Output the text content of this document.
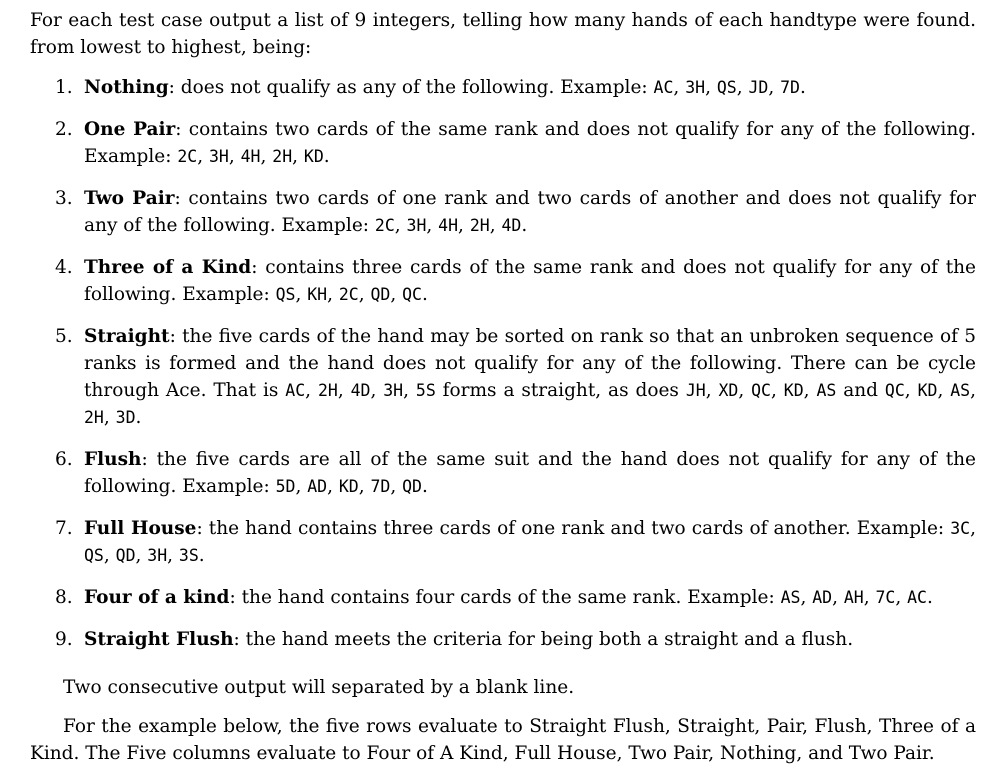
For each test case output a list of 9 integers, telling how many hands of each handtype were found. from lowest to highest, being:

1. Nothing: does not qualify as any of the following. Example: AC, 3H, QS, JD, 7D.
2. One Pair: contains two cards of the same rank and does not qualify for any of the following. Example: 2C, 3H, 4H, 2H, KD.
3. Two Pair: contains two cards of one rank and two cards of another and does not qualify for any of the following. Example: 2C, 3H, 4H, 2H, 4D.
4. Three of a Kind: contains three cards of the same rank and does not qualify for any of the following. Example: QS, KH, 2C, QD, QC.
5. Straight: the five cards of the hand may be sorted on rank so that an unbroken sequence of 5 ranks is formed and the hand does not qualify for any of the following. There can be cycle through Ace. That is AC, 2H, 4D, 3H, 5S forms a straight, as does JH, XD, QC, KD, AS and QC, KD, AS, 2H, 3D.
6. Flush: the five cards are all of the same suit and the hand does not qualify for any of the following. Example: 5D, AD, KD, 7D, QD.
7. Full House: the hand contains three cards of one rank and two cards of another. Example: 3C, QS, QD, 3H, 3S.
8. Four of a kind: the hand contains four cards of the same rank. Example: AS, AD, AH, 7C, AC.
9. Straight Flush: the hand meets the criteria for being both a straight and a flush.

Two consecutive output will separated by a blank line.

For the example below, the five rows evaluate to Straight Flush, Straight, Pair, Flush, Three of a Kind. The Five columns evaluate to Four of A Kind, Full House, Two Pair, Nothing, and Two Pair.
